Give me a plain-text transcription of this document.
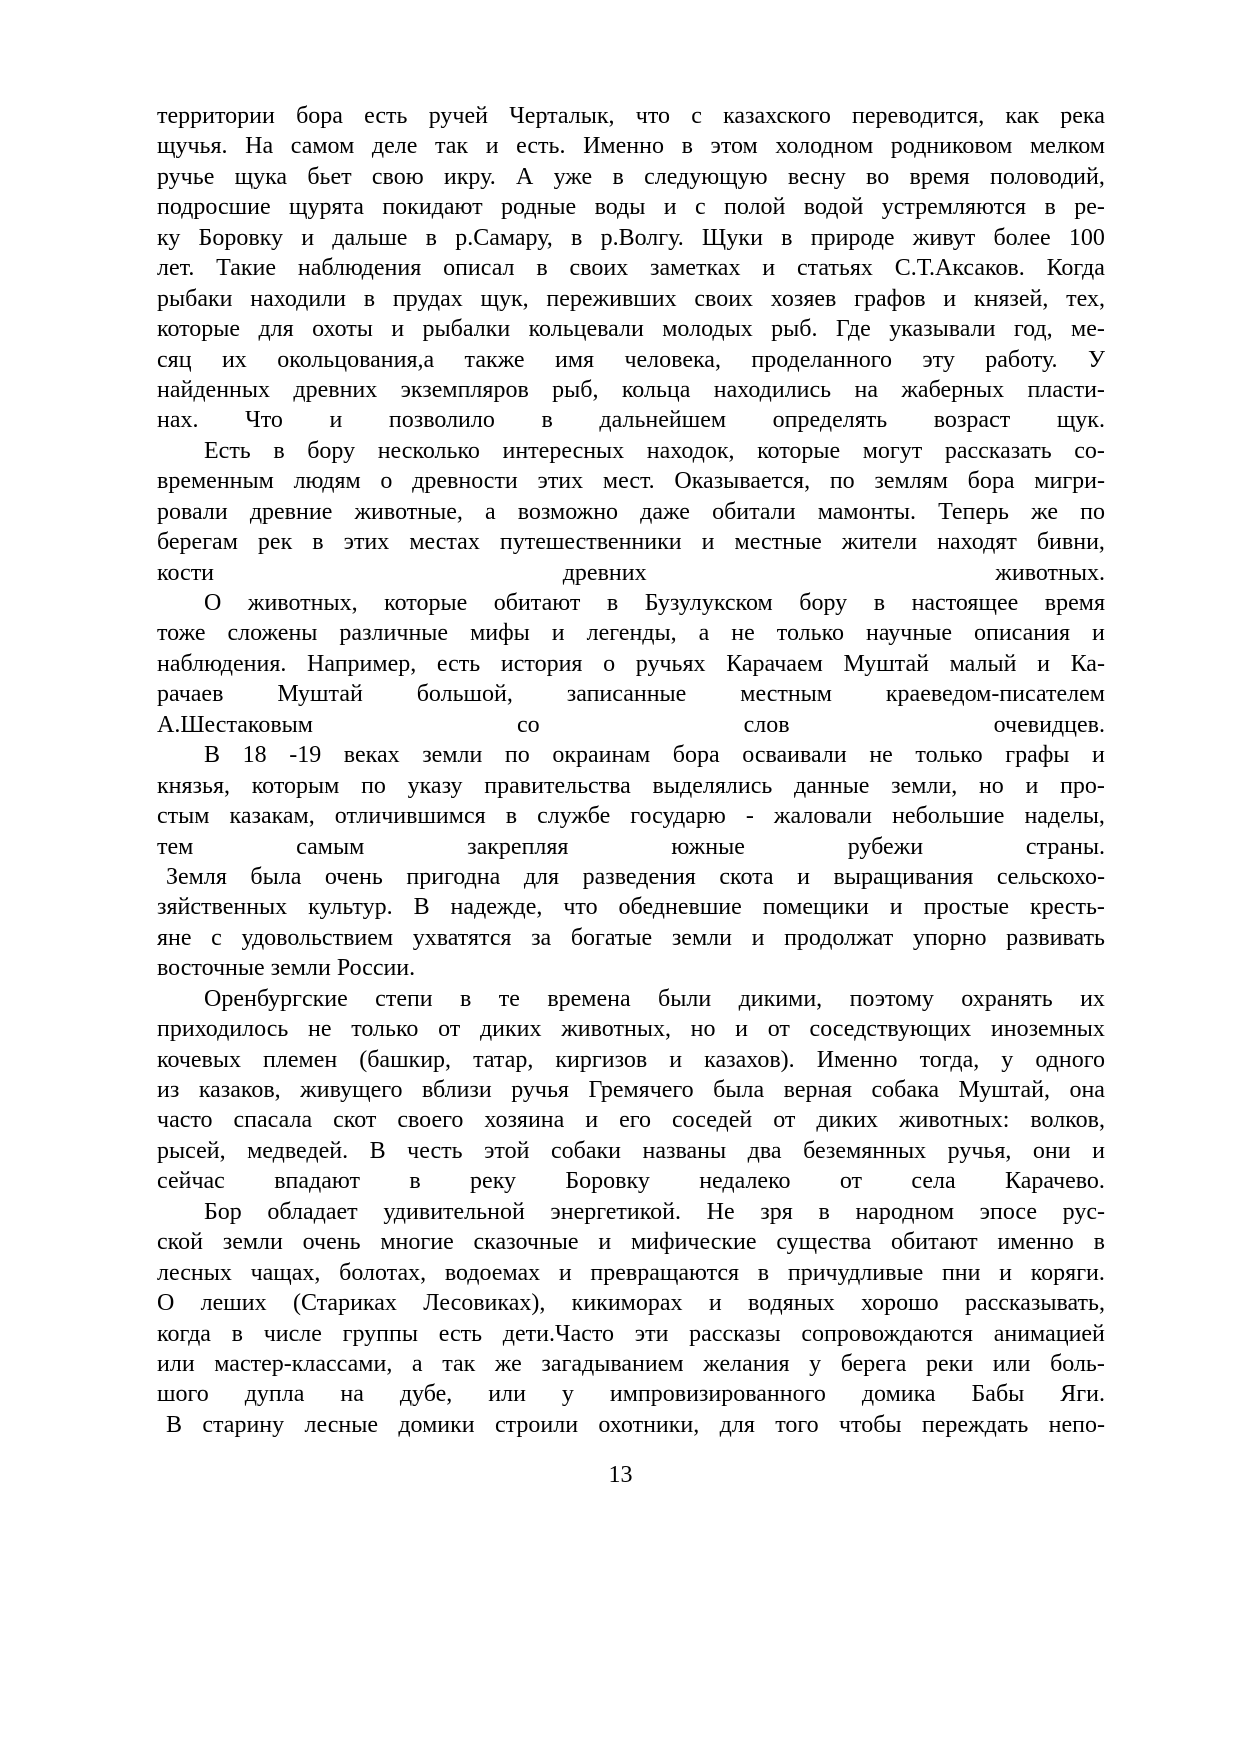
территории бора есть ручей Черталык, что с казахского переводится, как река
щучья. На самом деле так и есть. Именно в этом холодном родниковом мелком
ручье щука бьет свою икру. А уже в следующую весну во время половодий,
подросшие щурята покидают родные воды и с полой водой устремляются в ре-
ку Боровку и дальше в р.Самару, в р.Волгу. Щуки в природе живут более 100
лет. Такие наблюдения описал в своих заметках и статьях С.Т.Аксаков. Когда
рыбаки находили в прудах щук, переживших своих хозяев графов и князей, тех,
которые для охоты и рыбалки кольцевали молодых рыб. Где указывали год, ме-
сяц их окольцования,а также имя человека, проделанного эту работу. У
найденных древних экземпляров рыб, кольца находились на жаберных пласти-
нах. Что и позволило в дальнейшем определять возраст щук.
Есть в бору несколько интересных находок, которые могут рассказать со-
временным людям о древности этих мест. Оказывается, по землям бора мигри-
ровали древние животные, а возможно даже обитали мамонты. Теперь же по
берегам рек в этих местах путешественники и местные жители находят бивни,
кости	древних	животных.
О животных, которые обитают в Бузулукском бору в настоящее время
тоже сложены различные мифы и легенды, а не только научные описания и
наблюдения. Например, есть история о ручьях Карачаем Муштай малый и Ка-
рачаев Муштай большой, записанные местным краеведом-писателем
А.Шестаковым	со	слов	очевидцев.
В 18 -19 веках земли по окраинам бора осваивали не только графы и
князья, которым по указу правительства выделялись данные земли, но и про-
стым казакам, отличившимся в службе государю - жаловали небольшие наделы,
тем	самым	закрепляя	южные	рубежи	страны.
Земля была очень пригодна для разведения скота и выращивания сельскохо-
зяйственных культур. В надежде, что обедневшие помещики и простые кресть-
яне с удовольствием ухватятся за богатые земли и продолжат упорно развивать
восточные земли России.
Оренбургские степи в те времена были дикими, поэтому охранять их
приходилось не только от диких животных, но и от соседствующих иноземных
кочевых племен (башкир, татар, киргизов и казахов). Именно тогда, у одного
из казаков, живущего вблизи ручья Гремячего была верная собака Муштай, она
часто спасала скот своего хозяина и его соседей от диких животных: волков,
рысей, медведей. В честь этой собаки названы два беземянных ручья, они и
сейчас впадают в реку Боровку недалеко от села Карачево.
Бор обладает удивительной энергетикой. Не зря в народном эпосе рус-
ской земли очень многие сказочные и мифические существа обитают именно в
лесных чащах, болотах, водоемах и превращаются в причудливые пни и коряги.
О леших (Стариках Лесовиках), кикиморах и водяных хорошо рассказывать,
когда в числе группы есть дети.Часто эти рассказы сопровождаются анимацией
или мастер-классами, а так же загадыванием желания у берега реки или боль-
шого дупла на дубе, или у импровизированного домика Бабы Яги.
В старину лесные домики строили охотники, для того чтобы переждать непо-
13
